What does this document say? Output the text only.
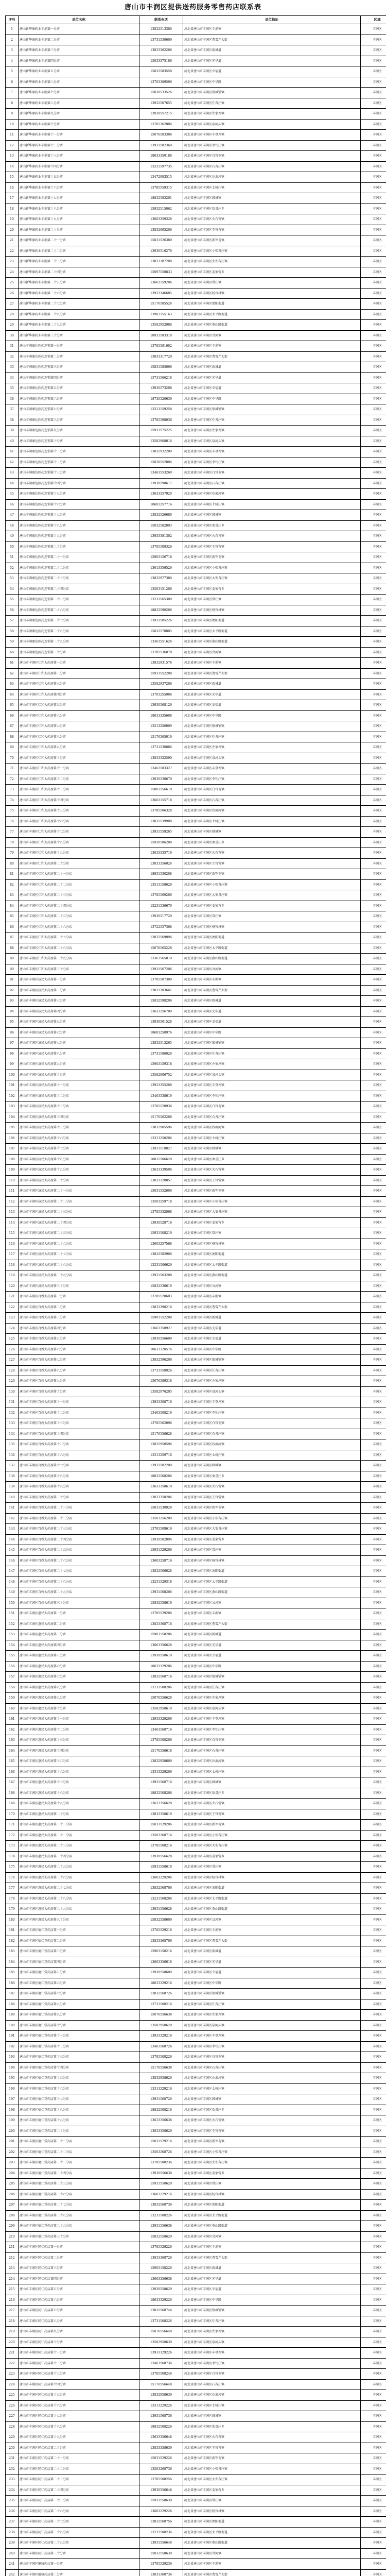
唐山市丰润区提供送药服务零售药店联系表
序号	单位名称	联系电话	单位地址	区域
1	唐山新华康药业丰润第一分店	13832513380	河北省唐山市丰润区丰润镇	丰润区
2	唐山新华康药业丰润第二分店	13731530609	河北省唐山市丰润区曹雪芹大街	丰润区
3	唐山新华康药业丰润第三分店	13833362206	河北省唐山市丰润区新城道	丰润区
4	唐山新华康药业丰润第四分店	15033375186	河北省唐山市丰润区光华道	丰润区
5	唐山新华康药业丰润第五分店	15832583558	河北省唐山市丰润区幸福道	丰润区
6	唐山新华康药业丰润第六分店	13703389596	河北省唐山市丰润区中华路	丰润区
7	唐山新华康药业丰润第七分店	15830533526	河北省唐山市丰润区银城铺镇	丰润区
8	唐山新华康药业丰润第八分店	13932507655	河北省唐山市丰润区任各庄镇	丰润区
9	唐山新华康药业丰润第九分店	13930557215	河北省唐山市丰润区左家坞镇	丰润区
10	唐山新华康药业丰润第十分店	13785362006	河北省唐山市丰润区泉河头镇	丰润区
11	唐山新华康药业丰润第十一分店	15076503306	河北省唐山市丰润区丰登坞镇	丰润区
12	唐山新华康药业丰润第十二分店	13931582360	河北省唐山市丰润区李钊庄镇	丰润区
13	唐山新华康药业丰润第十三分店	18633350186	河北省唐山市丰润区白官屯镇	丰润区
14	唐山新华康药业丰润第十四分店	13231597735	河北省唐山市丰润区石各庄镇	丰润区
15	唐山新华康药业丰润第十五分店	13472983515	河北省唐山市丰润区沙流河镇	丰润区
16	唐山新华康药业丰润第十六分店	13785559315	河北省唐山市丰润区七树庄镇	丰润区
17	唐山新华康药业丰润第十七分店	18832583201	河北省唐山市丰润区韩城镇	丰润区
18	唐山新华康药业丰润第十八分店	15932515062	河北省唐山市丰润区欢喜庄乡	丰润区
19	唐山新华康药业丰润第十九分店	13603359328	河北省唐山市丰润区火石营镇	丰润区
20	唐山新华康药业丰润第二十分店	13832965206	河北省唐山市丰润区王官营镇	丰润区
21	唐山新华康药业丰润第二十一分店	15831526389	河北省唐山市丰润区新军屯镇	丰润区
22	唐山新华康药业丰润第二十二分店	13930516276	河北省唐山市丰润区小张各庄镇	丰润区
23	唐山新华康药业丰润第二十三分店	13833387208	河北省唐山市丰润区大安各庄镇	丰润区
24	唐山新华康药业丰润第二十四分店	15097550833	河北省唐山市丰润区姜家营乡	丰润区
25	唐山新华康药业丰润第二十五分店	13663159206	河北省唐山市丰润区常庄镇	丰润区
26	唐山新华康药业丰润第二十六分店	13933346685	河北省唐山市丰润区杨官林镇	丰润区
27	唐山新华康药业丰润第二十七分店	15176585526	河北省唐山市丰润区浭阳街道	丰润区
28	唐山新华康药业丰润第二十八分店	13903155163	河北省唐山市丰润区太平路街道	丰润区
29	唐山新华康药业丰润第二十九分店	13582952086	河北省唐山市丰润区燕山路街道	丰润区
30	唐山新华康药业丰润第三十分店	18931583318	河北省唐山市丰润区岔河镇	丰润区
31	唐山丰润康达医药连锁第一分店	13785581602	河北省唐山市丰润区丰润镇	丰润区
32	唐山丰润康达医药连锁第二分店	13833317729	河北省唐山市丰润区曹雪芹大街	丰润区
33	唐山丰润康达医药连锁第三分店	15831585096	河北省唐山市丰润区新城道	丰润区
34	唐山丰润康达医药连锁第四分店	13731566218	河北省唐山市丰润区光华道	丰润区
35	唐山丰润康达医药连锁第五分店	13930573208	河北省唐山市丰润区幸福道	丰润区
36	唐山丰润康达医药连锁第六分店	18730520639	河北省唐山市丰润区中华路	丰润区
37	唐山丰润康达医药连锁第七分店	13313159258	河北省唐山市丰润区银城铺镇	丰润区
38	唐山丰润康达医药连锁第八分店	13785598036	河北省唐山市丰润区任各庄镇	丰润区
39	唐山丰润康达医药连锁第九分店	15931575225	河北省唐山市丰润区左家坞镇	丰润区
40	唐山丰润康达医药连锁第十分店	13582968016	河北省唐山市丰润区泉河头镇	丰润区
41	唐山丰润康达医药连锁第十一分店	13832932209	河北省唐山市丰润区丰登坞镇	丰润区
42	唐山丰润康达医药连锁第十二分店	15028552806	河北省唐山市丰润区李钊庄镇	丰润区
43	唐山丰润康达医药连锁第十三分店	13463553260	河北省唐山市丰润区白官屯镇	丰润区
44	唐山丰润康达医药连锁第十四分店	13930598617	河北省唐山市丰润区石各庄镇	丰润区
45	唐山丰润康达医药连锁第十五分店	13633257920	河北省唐山市丰润区沙流河镇	丰润区
46	唐山丰润康达医药连锁第十六分店	18603257716	河北省唐山市丰润区七树庄镇	丰润区
47	唐山丰润康达医药连锁第十七分店	13832526689	河北省唐山市丰润区韩城镇	丰润区
48	唐山丰润康达医药连锁第十八分店	15032582093	河北省唐山市丰润区欢喜庄乡	丰润区
49	唐山丰润康达医药连锁第十九分店	13933381302	河北省唐山市丰润区火石营镇	丰润区
50	唐山丰润康达医药连锁第二十分店	13785508326	河北省唐山市丰润区王官营镇	丰润区
51	唐山丰润康达医药连锁第二十一分店	15903156718	河北省唐山市丰润区新军屯镇	丰润区
52	唐山丰润康达医药连锁第二十二分店	13613359526	河北省唐山市丰润区小张各庄镇	丰润区
53	唐山丰润康达医药连锁第二十三分店	13832977380	河北省唐山市丰润区大安各庄镇	丰润区
54	唐山丰润康达医药连锁第二十四分店	13503151206	河北省唐山市丰润区姜家营乡	丰润区
55	唐山丰润康达医药连锁第二十五分店	13231565309	河北省唐山市丰润区常庄镇	丰润区
56	唐山丰润康达医药连锁第二十六分店	18832590206	河北省唐山市丰润区杨官林镇	丰润区
57	唐山丰润康达医药连锁第二十七分店	13931585226	河北省唐山市丰润区浭阳街道	丰润区
58	唐山丰润康达医药连锁第二十八分店	15832578805	河北省唐山市丰润区太平路街道	丰润区
59	唐山丰润康达医药连锁第二十九分店	13363551626	河北省唐山市丰润区燕山路街道	丰润区
60	唐山丰润康达医药连锁第三十分店	13785536078	河北省唐山市丰润区岔河镇	丰润区
61	唐山市丰润区仁和大药房第一分店	13832931576	河北省唐山市丰润区丰润镇	丰润区
62	唐山市丰润区仁和大药房第二分店	15931552208	河北省唐山市丰润区曹雪芹大街	丰润区
63	唐山市丰润区仁和大药房第三分店	13582937206	河北省唐山市丰润区新城道	丰润区
64	唐山市丰润区仁和大药房第四分店	13703255906	河北省唐山市丰润区光华道	丰润区
65	唐山市丰润区仁和大药房第五分店	13930568129	河北省唐山市丰润区幸福道	丰润区
66	唐山市丰润区仁和大药房第六分店	18633335608	河北省唐山市丰润区中华路	丰润区
67	唐山市丰润区仁和大药房第七分店	13313256009	河北省唐山市丰润区银城铺镇	丰润区
68	唐山市丰润区仁和大药房第八分店	15176565019	河北省唐山市丰润区任各庄镇	丰润区
69	唐山市丰润区仁和大药房第九分店	13731530886	河北省唐山市丰润区左家坞镇	丰润区
70	唐山市丰润区仁和大药房第十分店	13833322590	河北省唐山市丰润区泉河头镇	丰润区
71	唐山市丰润区仁和大药房第十一分店	13463583327	河北省唐山市丰润区丰登坞镇	丰润区
72	唐山市丰润区仁和大药房第十二分店	13930530679	河北省唐山市丰润区李钊庄镇	丰润区
73	唐山市丰润区仁和大药房第十三分店	15803156619	河北省唐山市丰润区白官屯镇	丰润区
74	唐山市丰润区仁和大药房第十四分店	13603155718	河北省唐山市丰润区石各庄镇	丰润区
75	唐山市丰润区仁和大药房第十五分店	13785506328	河北省唐山市丰润区沙流河镇	丰润区
76	唐山市丰润区仁和大药房第十六分店	13832539908	河北省唐山市丰润区七树庄镇	丰润区
77	唐山市丰润区仁和大药房第十七分店	13931559265	河北省唐山市丰润区韩城镇	丰润区
78	唐山市丰润区仁和大药房第十八分店	15930506208	河北省唐山市丰润区欢喜庄乡	丰润区
79	唐山市丰润区仁和大药房第十九分店	13633335719	河北省唐山市丰润区火石营镇	丰润区
80	唐山市丰润区仁和大药房第二十分店	13833356026	河北省唐山市丰润区王官营镇	丰润区
81	唐山市丰润区仁和大药房第二十一分店	18931530208	河北省唐山市丰润区新军屯镇	丰润区
82	唐山市丰润区仁和大药房第二十二分店	13513158626	河北省唐山市丰润区小张各庄镇	丰润区
83	唐山市丰润区仁和大药房第二十三分店	13785569206	河北省唐山市丰润区大安各庄镇	丰润区
84	唐山市丰润区仁和大药房第二十四分店	15231536679	河北省唐山市丰润区姜家营乡	丰润区
85	唐山市丰润区仁和大药房第二十五分店	13930517720	河北省唐山市丰润区常庄镇	丰润区
86	唐山市丰润区仁和大药房第二十六分店	13722557368	河北省唐山市丰润区杨官林镇	丰润区
87	唐山市丰润区仁和大药房第二十七分店	13832569096	河北省唐山市丰润区浭阳街道	丰润区
88	唐山市丰润区仁和大药房第二十八分店	15076565228	河北省唐山市丰润区太平路街道	丰润区
89	唐山市丰润区仁和大药房第二十九分店	13363565819	河北省唐山市丰润区燕山路街道	丰润区
90	唐山市丰润区仁和大药房第三十分店	13931567206	河北省唐山市丰润区岔河镇	丰润区
91	唐山市丰润区济民大药房第一分店	13785587309	河北省唐山市丰润区丰润镇	丰润区
92	唐山市丰润区济民大药房第二分店	13833303661	河北省唐山市丰润区曹雪芹大街	丰润区
93	唐山市丰润区济民大药房第三分店	15032598206	河北省唐山市丰润区新城道	丰润区
94	唐山市丰润区济民大药房第四分店	13633256709	河北省唐山市丰润区光华道	丰润区
95	唐山市丰润区济民大药房第五分店	13930501528	河北省唐山市丰润区幸福道	丰润区
96	唐山市丰润区济民大药房第六分店	18603250976	河北省唐山市丰润区中华路	丰润区
97	唐山市丰润区济民大药房第七分店	13832513265	河北省唐山市丰润区银城铺镇	丰润区
98	唐山市丰润区济民大药房第八分店	13731586026	河北省唐山市丰润区任各庄镇	丰润区
99	唐山市丰润区济民大药房第九分店	15903159318	河北省唐山市丰润区左家坞镇	丰润区
100	唐山市丰润区济民大药房第十分店	13582906752	河北省唐山市丰润区泉河头镇	丰润区
101	唐山市丰润区济民大药房第十一分店	13933355208	河北省唐山市丰润区丰登坞镇	丰润区
102	唐山市丰润区济民大药房第十二分店	13463538619	河北省唐山市丰润区李钊庄镇	丰润区
103	唐山市丰润区济民大药房第十三分店	13785520936	河北省唐山市丰润区白官屯镇	丰润区
104	唐山市丰润区济民大药房第十四分店	15176502208	河北省唐山市丰润区石各庄镇	丰润区
105	唐山市丰润区济民大药房第十五分店	13832905596	河北省唐山市丰润区沙流河镇	丰润区
106	唐山市丰润区济民大药房第十六分店	13313258206	河北省唐山市丰润区七树庄镇	丰润区
107	唐山市丰润区济民大药房第十七分店	13931518827	河北省唐山市丰润区韩城镇	丰润区
108	唐山市丰润区济民大药房第十八分店	18832506629	河北省唐山市丰润区欢喜庄乡	丰润区
109	唐山市丰润区济民大药房第十九分店	13633339506	河北省唐山市丰润区火石营镇	丰润区
110	唐山市丰润区济民大药房第二十分店	13833320857	河北省唐山市丰润区王官营镇	丰润区
111	唐山市丰润区济民大药房第二十一分店	15031552606	河北省唐山市丰润区新军屯镇	丰润区
112	唐山市丰润区济民大药房第二十二分店	13503259718	河北省唐山市丰润区小张各庄镇	丰润区
113	唐山市丰润区济民大药房第二十三分店	13785532068	河北省唐山市丰润区大安各庄镇	丰润区
114	唐山市丰润区济民大药房第二十四分店	13930528716	河北省唐山市丰润区姜家营乡	丰润区
115	唐山市丰润区济民大药房第二十五分店	15931508219	河北省唐山市丰润区常庄镇	丰润区
116	唐山市丰润区济民大药房第二十六分店	13603257568	河北省唐山市丰润区杨官林镇	丰润区
117	唐山市丰润区济民大药房第二十七分店	13832582906	河北省唐山市丰润区浭阳街道	丰润区
118	唐山市丰润区济民大药房第二十八分店	13231506629	河北省唐山市丰润区太平路街道	丰润区
119	唐山市丰润区济民大药房第二十九分店	13931503208	河北省唐山市丰润区燕山路街道	丰润区
120	唐山市丰润区济民大药房第三十分店	15832536619	河北省唐山市丰润区岔河镇	丰润区
121	唐山市丰润区百姓大药房第一分店	13785528603	河北省唐山市丰润区丰润镇	丰润区
122	唐山市丰润区百姓大药房第二分店	13833398216	河北省唐山市丰润区曹雪芹大街	丰润区
123	唐山市丰润区百姓大药房第三分店	15903152208	河北省唐山市丰润区新城道	丰润区
124	唐山市丰润区百姓大药房第四分店	13663350927	河北省唐山市丰润区光华道	丰润区
125	唐山市丰润区百姓大药房第五分店	13930556609	河北省唐山市丰润区幸福道	丰润区
126	唐山市丰润区百姓大药房第六分店	18633320576	河北省唐山市丰润区中华路	丰润区
127	唐山市丰润区百姓大药房第七分店	13832596206	河北省唐山市丰润区银城铺镇	丰润区
128	唐山市丰润区百姓大药房第八分店	13731558926	河北省唐山市丰润区任各庄镇	丰润区
129	唐山市丰润区百姓大药房第九分店	15076589318	河北省唐山市丰润区左家坞镇	丰润区
130	唐山市丰润区百姓大药房第十分店	13582976205	河北省唐山市丰润区泉河头镇	丰润区
131	唐山市丰润区百姓大药房第十一分店	13933308716	河北省唐山市丰润区丰登坞镇	丰润区
132	唐山市丰润区百姓大药房第十二分店	13463508219	河北省唐山市丰润区李钊庄镇	丰润区
133	唐山市丰润区百姓大药房第十三分店	13785562096	河北省唐山市丰润区白官屯镇	丰润区
134	唐山市丰润区百姓大药房第十四分店	15176556628	河北省唐山市丰润区石各庄镇	丰润区
135	唐山市丰润区百姓大药房第十五分店	13832950596	河北省唐山市丰润区沙流河镇	丰润区
136	唐山市丰润区百姓大药房第十六分店	13313259716	河北省唐山市丰润区七树庄镇	丰润区
137	唐山市丰润区百姓大药房第十七分店	13931582209	河北省唐山市丰润区韩城镇	丰润区
138	唐山市丰润区百姓大药房第十八分店	18832568206	河北省唐山市丰润区欢喜庄乡	丰润区
139	唐山市丰润区百姓大药房第十九分店	13633358619	河北省唐山市丰润区火石营镇	丰润区
140	唐山市丰润区百姓大药房第二十分店	13833358206	河北省唐山市丰润区王官营镇	丰润区
141	唐山市丰润区百姓大药房第二十一分店	15031530928	河北省唐山市丰润区新军屯镇	丰润区
142	唐山市丰润区百姓大药房第二十二分店	13503256209	河北省唐山市丰润区小张各庄镇	丰润区
143	唐山市丰润区百姓大药房第二十三分店	13785508619	河北省唐山市丰润区大安各庄镇	丰润区
144	唐山市丰润区百姓大药房第二十四分店	13930582096	河北省唐山市丰润区姜家营乡	丰润区
145	唐山市丰润区百姓大药房第二十五分店	15931529206	河北省唐山市丰润区常庄镇	丰润区
146	唐山市丰润区百姓大药房第二十六分店	13603258716	河北省唐山市丰润区杨官林镇	丰润区
147	唐山市丰润区百姓大药房第二十七分店	13832506628	河北省唐山市丰润区浭阳街道	丰润区
148	唐山市丰润区百姓大药房第二十八分店	13231529318	河北省唐山市丰润区太平路街道	丰润区
149	唐山市丰润区百姓大药房第二十九分店	13931508206	河北省唐山市丰润区燕山路街道	丰润区
150	唐山市丰润区百姓大药房第三十分店	15832558619	河北省唐山市丰润区岔河镇	丰润区
151	唐山市丰润区惠民大药房第一分店	13785529206	河北省唐山市丰润区丰润镇	丰润区
152	唐山市丰润区惠民大药房第二分店	13833368716	河北省唐山市丰润区曹雪芹大街	丰润区
153	唐山市丰润区惠民大药房第三分店	15903158206	河北省唐山市丰润区新城道	丰润区
154	唐山市丰润区惠民大药房第四分店	13663356628	河北省唐山市丰润区光华道	丰润区
155	唐山市丰润区惠民大药房第五分店	13930558619	河北省唐山市丰润区幸福道	丰润区
156	唐山市丰润区惠民大药房第六分店	18633329206	河北省唐山市丰润区中华路	丰润区
157	唐山市丰润区惠民大药房第七分店	13832568716	河北省唐山市丰润区银城铺镇	丰润区
158	唐山市丰润区惠民大药房第八分店	13731508206	河北省唐山市丰润区任各庄镇	丰润区
159	唐山市丰润区惠民大药房第九分店	15076556628	河北省唐山市丰润区左家坞镇	丰润区
160	唐山市丰润区惠民大药房第十分店	13582958619	河北省唐山市丰润区泉河头镇	丰润区
161	唐山市丰润区惠民大药房第十一分店	13933329206	河北省唐山市丰润区丰登坞镇	丰润区
162	唐山市丰润区惠民大药房第十二分店	13463568716	河北省唐山市丰润区李钊庄镇	丰润区
163	唐山市丰润区惠民大药房第十三分店	13785508206	河北省唐山市丰润区白官屯镇	丰润区
164	唐山市丰润区惠民大药房第十四分店	15176556618	河北省唐山市丰润区石各庄镇	丰润区
165	唐山市丰润区惠民大药房第十五分店	13832958609	河北省唐山市丰润区沙流河镇	丰润区
166	唐山市丰润区惠民大药房第十六分店	13313229206	河北省唐山市丰润区七树庄镇	丰润区
167	唐山市丰润区惠民大药房第十七分店	13931568716	河北省唐山市丰润区韩城镇	丰润区
168	唐山市丰润区惠民大药房第十八分店	18832508206	河北省唐山市丰润区欢喜庄乡	丰润区
169	唐山市丰润区惠民大药房第十九分店	13633356628	河北省唐山市丰润区火石营镇	丰润区
170	唐山市丰润区惠民大药房第二十分店	13833358619	河北省唐山市丰润区王官营镇	丰润区
171	唐山市丰润区惠民大药房第二十一分店	15031529206	河北省唐山市丰润区新军屯镇	丰润区
172	唐山市丰润区惠民大药房第二十二分店	13503268716	河北省唐山市丰润区小张各庄镇	丰润区
173	唐山市丰润区惠民大药房第二十三分店	13785508216	河北省唐山市丰润区大安各庄镇	丰润区
174	唐山市丰润区惠民大药房第二十四分店	13930556628	河北省唐山市丰润区姜家营乡	丰润区
175	唐山市丰润区惠民大药房第二十五分店	15931558619	河北省唐山市丰润区常庄镇	丰润区
176	唐山市丰润区惠民大药房第二十六分店	13603229206	河北省唐山市丰润区杨官林镇	丰润区
177	唐山市丰润区惠民大药房第二十七分店	13832568706	河北省唐山市丰润区浭阳街道	丰润区
178	唐山市丰润区惠民大药房第二十八分店	13231508206	河北省唐山市丰润区太平路街道	丰润区
179	唐山市丰润区惠民大药房第二十九分店	13931556628	河北省唐山市丰润区燕山路街道	丰润区
180	唐山市丰润区惠民大药房第三十分店	15832558609	河北省唐山市丰润区岔河镇	丰润区
181	唐山市丰润区德仁堂药店第一分店	13785529216	河北省唐山市丰润区丰润镇	丰润区
182	唐山市丰润区德仁堂药店第二分店	13833368706	河北省唐山市丰润区曹雪芹大街	丰润区
183	唐山市丰润区德仁堂药店第三分店	15903158216	河北省唐山市丰润区新城道	丰润区
184	唐山市丰润区德仁堂药店第四分店	13663356618	河北省唐山市丰润区光华道	丰润区
185	唐山市丰润区德仁堂药店第五分店	13930558609	河北省唐山市丰润区幸福道	丰润区
186	唐山市丰润区德仁堂药店第六分店	18633329216	河北省唐山市丰润区中华路	丰润区
187	唐山市丰润区德仁堂药店第七分店	13832568726	河北省唐山市丰润区银城铺镇	丰润区
188	唐山市丰润区德仁堂药店第八分店	13731508216	河北省唐山市丰润区任各庄镇	丰润区
189	唐山市丰润区德仁堂药店第九分店	15076556638	河北省唐山市丰润区左家坞镇	丰润区
190	唐山市丰润区德仁堂药店第十分店	13582958629	河北省唐山市丰润区泉河头镇	丰润区
191	唐山市丰润区德仁堂药店第十一分店	13933329216	河北省唐山市丰润区丰登坞镇	丰润区
192	唐山市丰润区德仁堂药店第十二分店	13463568726	河北省唐山市丰润区李钊庄镇	丰润区
193	唐山市丰润区德仁堂药店第十三分店	13785508226	河北省唐山市丰润区白官屯镇	丰润区
194	唐山市丰润区德仁堂药店第十四分店	15176556638	河北省唐山市丰润区石各庄镇	丰润区
195	唐山市丰润区德仁堂药店第十五分店	13832958629	河北省唐山市丰润区沙流河镇	丰润区
196	唐山市丰润区德仁堂药店第十六分店	13313229216	河北省唐山市丰润区七树庄镇	丰润区
197	唐山市丰润区德仁堂药店第十七分店	13931568726	河北省唐山市丰润区韩城镇	丰润区
198	唐山市丰润区德仁堂药店第十八分店	18832508216	河北省唐山市丰润区欢喜庄乡	丰润区
199	唐山市丰润区德仁堂药店第十九分店	13633356638	河北省唐山市丰润区火石营镇	丰润区
200	唐山市丰润区德仁堂药店第二十分店	13833358629	河北省唐山市丰润区王官营镇	丰润区
201	唐山市丰润区德仁堂药店第二十一分店	15031529216	河北省唐山市丰润区新军屯镇	丰润区
202	唐山市丰润区德仁堂药店第二十二分店	13503268726	河北省唐山市丰润区小张各庄镇	丰润区
203	唐山市丰润区德仁堂药店第二十三分店	13785508236	河北省唐山市丰润区大安各庄镇	丰润区
204	唐山市丰润区德仁堂药店第二十四分店	13930556638	河北省唐山市丰润区姜家营乡	丰润区
205	唐山市丰润区德仁堂药店第二十五分店	15931558629	河北省唐山市丰润区常庄镇	丰润区
206	唐山市丰润区德仁堂药店第二十六分店	13603229216	河北省唐山市丰润区杨官林镇	丰润区
207	唐山市丰润区德仁堂药店第二十七分店	13832568736	河北省唐山市丰润区浭阳街道	丰润区
208	唐山市丰润区德仁堂药店第二十八分店	13231508226	河北省唐山市丰润区太平路街道	丰润区
209	唐山市丰润区德仁堂药店第二十九分店	13931556638	河北省唐山市丰润区燕山路街道	丰润区
210	唐山市丰润区德仁堂药店第三十分店	15832558629	河北省唐山市丰润区岔河镇	丰润区
211	唐山市丰润区同仁药店第一分店	13785529226	河北省唐山市丰润区丰润镇	丰润区
212	唐山市丰润区同仁药店第二分店	13833368726	河北省唐山市丰润区曹雪芹大街	丰润区
213	唐山市丰润区同仁药店第三分店	15903158226	河北省唐山市丰润区新城道	丰润区
214	唐山市丰润区同仁药店第四分店	13663356638	河北省唐山市丰润区光华道	丰润区
215	唐山市丰润区同仁药店第五分店	13930558629	河北省唐山市丰润区幸福道	丰润区
216	唐山市丰润区同仁药店第六分店	18633329226	河北省唐山市丰润区中华路	丰润区
217	唐山市丰润区同仁药店第七分店	13832568746	河北省唐山市丰润区银城铺镇	丰润区
218	唐山市丰润区同仁药店第八分店	13731508226	河北省唐山市丰润区任各庄镇	丰润区
219	唐山市丰润区同仁药店第九分店	15076556648	河北省唐山市丰润区左家坞镇	丰润区
220	唐山市丰润区同仁药店第十分店	13582958639	河北省唐山市丰润区泉河头镇	丰润区
221	唐山市丰润区同仁药店第十一分店	13933329226	河北省唐山市丰润区丰登坞镇	丰润区
222	唐山市丰润区同仁药店第十二分店	13463568736	河北省唐山市丰润区李钊庄镇	丰润区
223	唐山市丰润区同仁药店第十三分店	13785508246	河北省唐山市丰润区白官屯镇	丰润区
224	唐山市丰润区同仁药店第十四分店	15176556648	河北省唐山市丰润区石各庄镇	丰润区
225	唐山市丰润区同仁药店第十五分店	13832958639	河北省唐山市丰润区沙流河镇	丰润区
226	唐山市丰润区同仁药店第十六分店	13313229226	河北省唐山市丰润区七树庄镇	丰润区
227	唐山市丰润区同仁药店第十七分店	13931568736	河北省唐山市丰润区韩城镇	丰润区
228	唐山市丰润区同仁药店第十八分店	18832508226	河北省唐山市丰润区欢喜庄乡	丰润区
229	唐山市丰润区同仁药店第十九分店	13633356648	河北省唐山市丰润区火石营镇	丰润区
230	唐山市丰润区同仁药店第二十分店	13833358639	河北省唐山市丰润区王官营镇	丰润区
231	唐山市丰润区同仁药店第二十一分店	15031529226	河北省唐山市丰润区新军屯镇	丰润区
232	唐山市丰润区同仁药店第二十二分店	13503268736	河北省唐山市丰润区小张各庄镇	丰润区
233	唐山市丰润区同仁药店第二十三分店	13785508256	河北省唐山市丰润区大安各庄镇	丰润区
234	唐山市丰润区同仁药店第二十四分店	13930556648	河北省唐山市丰润区姜家营乡	丰润区
235	唐山市丰润区同仁药店第二十五分店	15931558639	河北省唐山市丰润区常庄镇	丰润区
236	唐山市丰润区同仁药店第二十六分店	13603229226	河北省唐山市丰润区杨官林镇	丰润区
237	唐山市丰润区同仁药店第二十七分店	13832568756	河北省唐山市丰润区浭阳街道	丰润区
238	唐山市丰润区同仁药店第二十八分店	13231508236	河北省唐山市丰润区太平路街道	丰润区
239	唐山市丰润区同仁药店第二十九分店	13931556648	河北省唐山市丰润区燕山路街道	丰润区
240	唐山市丰润区同仁药店第三十分店	15832558639	河北省唐山市丰润区岔河镇	丰润区
241	唐山市丰润区健康药店第一分店	13785529236	河北省唐山市丰润区丰润镇	丰润区
242	唐山市丰润区健康药店第二分店	13833368736	河北省唐山市丰润区曹雪芹大街	丰润区
